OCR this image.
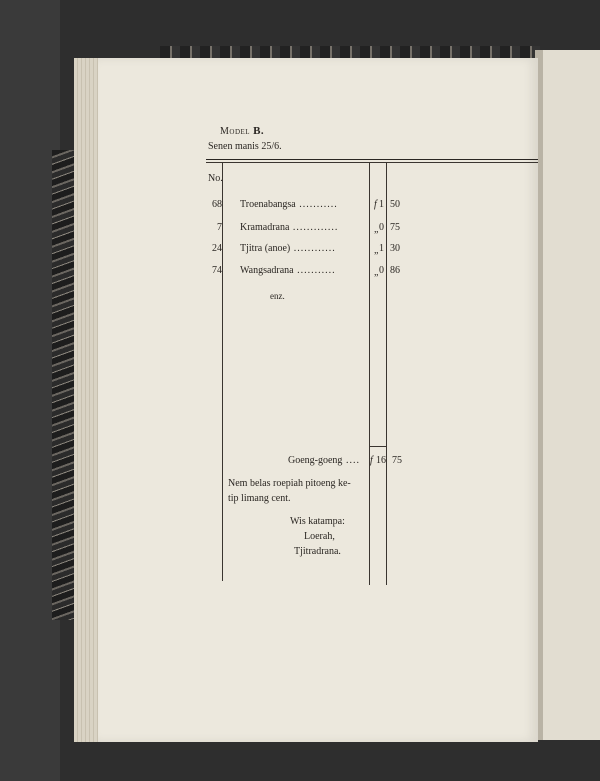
Model B.
Senen manis 25/6.
No.
68 Troenabangsa ...........	f 1 50
7 Kramadrana .............	„ 0 75
24 Tjitra (anoe) ............	„ 1 30
74 Wangsadrana ...........	„ 0 86
enz.
Goeng-goeng .... f 16 75
Nem belas roepiah pitoeng ke-
tip limang cent.
Wis katampa:
Loerah,
Tjitradrana.
